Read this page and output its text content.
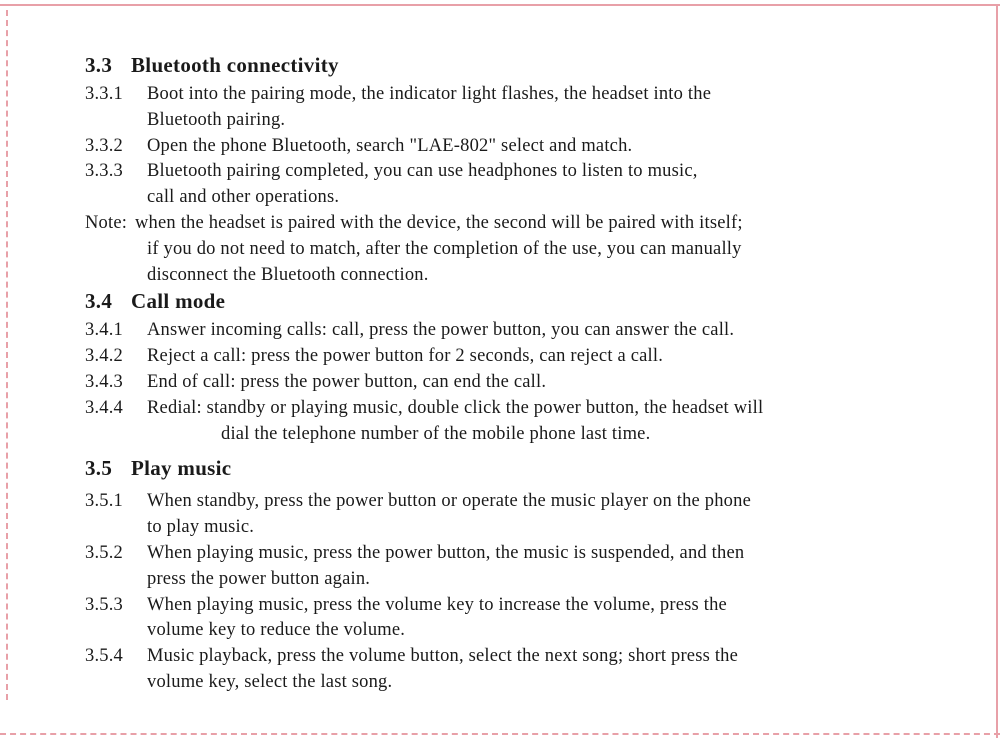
3.3 Bluetooth connectivity
3.3.1 Boot into the pairing mode, the indicator light flashes, the headset into the
Bluetooth pairing.
3.3.2 Open the phone Bluetooth, search "LAE-802" select and match.
3.3.3 Bluetooth pairing completed, you can use headphones to listen to music,
call and other operations.
Note: when the headset is paired with the device, the second will be paired with itself;
if you do not need to match, after the completion of the use, you can manually
disconnect the Bluetooth connection.
3.4 Call mode
3.4.1 Answer incoming calls: call, press the power button, you can answer the call.
3.4.2 Reject a call: press the power button for 2 seconds, can reject a call.
3.4.3 End of call: press the power button, can end the call.
3.4.4 Redial: standby or playing music, double click the power button, the headset will
dial the telephone number of the mobile phone last time.
3.5 Play music
3.5.1 When standby, press the power button or operate the music player on the phone
to play music.
3.5.2 When playing music, press the power button, the music is suspended, and then
press the power button again.
3.5.3 When playing music, press the volume key to increase the volume, press the
volume key to reduce the volume.
3.5.4 Music playback, press the volume button, select the next song; short press the
volume key, select the last song.
